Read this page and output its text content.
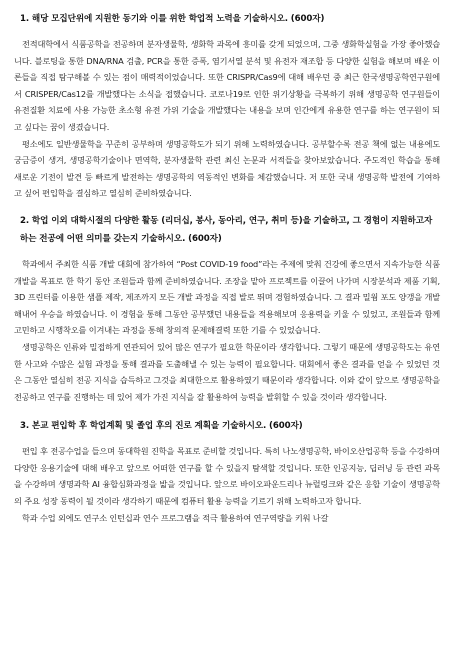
1. 해당 모집단위에 지원한 동기와 이를 위한 학업적 노력을 기술하시오. (600자)

전적대학에서 식품공학을 전공하며 분자생물학, 생화학 과목에 흥미를 갖게 되었으며, 그중 생화학실험을 가장 좋아했습니다. 블로팅을 통한 DNA/RNA 검출, PCR을 통한 증폭, 염기서열 분석 및 유전자 재조합 등 다양한 실험을 해보며 배운 이론들을 직접 탐구해볼 수 있는 점이 매력적이었습니다. 또한 CRISPR/Cas9에 대해 배우던 중 최근 한국생명공학연구원에서 CRISPER/Cas12를 개발했다는 소식을 접했습니다. 코로나19로 인한 위기상황을 극복하기 위해 생명공학 연구원들이 유전질환 치료에 사용 가능한 초소형 유전 가위 기술을 개발했다는 내용을 보며 인간에게 유용한 연구를 하는 연구원이 되고 싶다는 꿈이 생겼습니다.

평소에도 일반생물학을 꾸준히 공부하며 생명공학도가 되기 위해 노력하였습니다. 공부할수록 전공 책에 없는 내용에도 궁금증이 생겨, 생명공학기술이나 면역학, 분자생물학 관련 최신 논문과 서적들을 찾아보았습니다. 주도적인 학습을 통해 새로운 기전이 발견 등 빠르게 발전하는 생명공학의 역동적인 변화를 체감했습니다. 저 또한 국내 생명공학 발전에 기여하고 싶어 편입학을 결심하고 열심히 준비하였습니다.

2. 학업 이외 대학시절의 다양한 활동 (리더십, 봉사, 동아리, 연구, 취미 등)을 기술하고, 그 경험이 지원하고자 하는 전공에 어떤 의미를 갖는지 기술하시오. (600자)

학과에서 주최한 식품 개발 대회에 참가하여 “Post COVID-19 food”라는 주제에 맞춰 건강에 좋으면서 지속가능한 식품 개발을 목표로 한 학기 동안 조원들과 함께 준비하였습니다. 조장을 맡아 프로젝트를 이끌어 나가며 시장분석과 제품 기획, 3D 프린터를 이용한 샘플 제작, 제조까지 모든 개발 과정을 직접 발로 뛰며 경험하였습니다. 그 결과 밀웜 포도 양갱을 개발해내어 우승을 하였습니다. 이 경험을 통해 그동안 공부했던 내용들을 적용해보며 응용력을 키울 수 있었고, 조원들과 함께 고민하고 시행착오를 이겨내는 과정을 통해 창의적 문제해결력 또한 기를 수 있었습니다.

생명공학은 인류와 밀접하게 연관되어 있어 많은 연구가 필요한 학문이라 생각합니다. 그렇기 때문에 생명공학도는 유연한 사고와 수많은 실험 과정을 통해 결과를 도출해낼 수 있는 능력이 필요합니다. 대회에서 좋은 결과를 얻을 수 있었던 것은 그동안 열심히 전공 지식을 습득하고 그것을 최대한으로 활용하였기 때문이라 생각합니다. 이와 같이 앞으로 생명공학을 전공하고 연구를 진행하는 데 있어 제가 가진 지식을 잘 활용하여 능력을 발휘할 수 있을 것이라 생각합니다.

3. 본교 편입학 후 학업계획 및 졸업 후의 진로 계획을 기술하시오. (600자)

편입 후 전공수업을 들으며 동대학원 진학을 목표로 준비할 것입니다. 특히 나노생명공학, 바이오산업공학 등을 수강하며 다양한 응용기술에 대해 배우고 앞으로 어떠한 연구를 할 수 있을지 탐색할 것입니다. 또한 인공지능, 딥러닝 등 관련 과목을 수강하며 생명과학 AI 융합심화과정을 밟을 것입니다. 앞으로 바이오파운드리나 뉴럴링크와 같은 응합 기술이 생명공학의 주요 성장 동력이 될 것이라 생각하기 때문에 컴퓨터 활용 능력을 기르기 위해 노력하고자 합니다.

학과 수업 외에도 연구소 인턴십과 연수 프로그램을 적극 활용하여 연구역량을 키워 나갈
